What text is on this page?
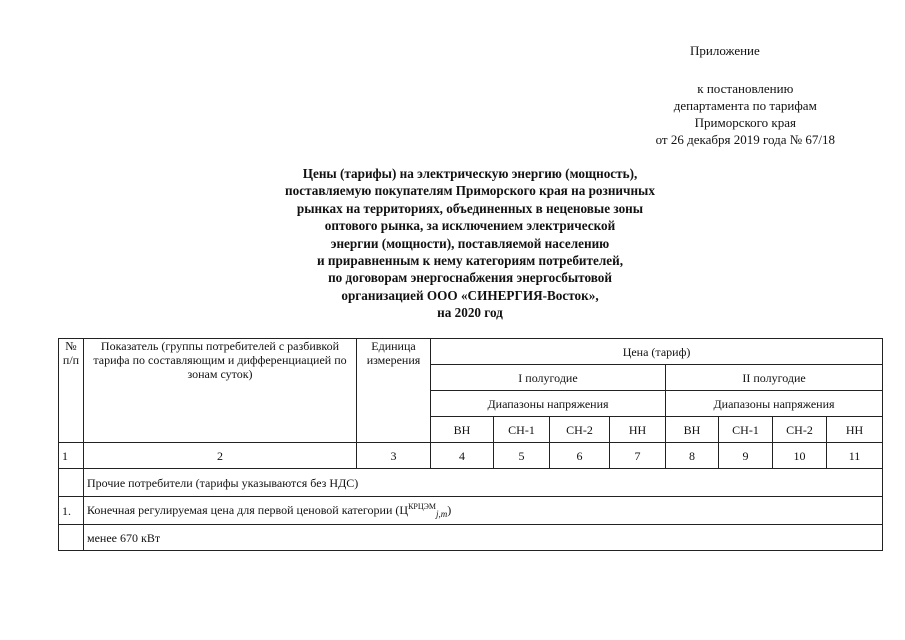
Приложение
к постановлению
департамента по тарифам
Приморского края
от 26 декабря 2019 года № 67/18
Цены (тарифы) на электрическую энергию (мощность),
поставляемую покупателям Приморского края на розничных
рынках на территориях, объединенных в неценовые зоны
оптового рынка, за исключением электрической
энергии (мощности), поставляемой населению
и приравненным к нему категориям потребителей,
по договорам энергоснабжения энергосбытовой
организацией ООО «СИНЕРГИЯ-Восток»,
на 2020 год
№ п/п	Показатель (группы потребителей с разбивкой тарифа по составляющим и дифференциацией по зонам суток)	Единица измерения	Цена (тариф)							
			I полугодие				II полугодие			
			Диапазоны напряжения				Диапазоны напряжения			
			ВН	СН-1	СН-2	НН	ВН	СН-1	СН-2	НН
1	2	3	4	5	6	7	8	9	10	11
	Прочие потребители (тарифы указываются без НДС)									
1.	Конечная регулируемая цена для первой ценовой категории $(Ц^{КРЦЭМ}_{j,m})$									
	менее 670 кВт									
